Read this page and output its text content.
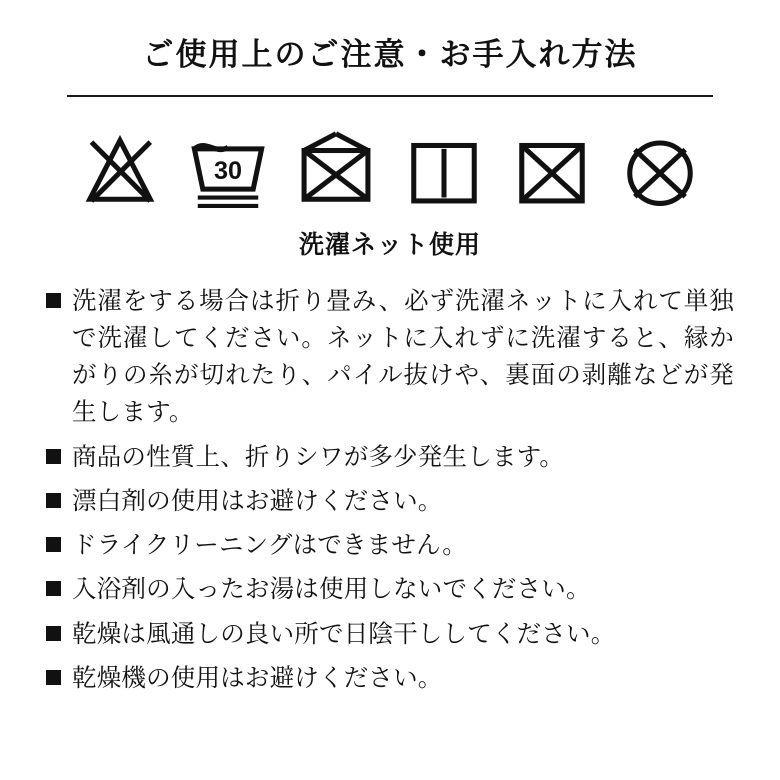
ご使用上のご注意・お手入れ方法
30
洗濯ネット使用
洗濯をする場合は折り畳み、必ず洗濯ネットに入れて単独で洗濯してください。ネットに入れずに洗濯すると、縁かがりの糸が切れたり、パイル抜けや、裏面の剥離などが発生します。
商品の性質上、折りシワが多少発生します。
漂白剤の使用はお避けください。
ドライクリーニングはできません。
入浴剤の入ったお湯は使用しないでください。
乾燥は風通しの良い所で日陰干ししてください。
乾燥機の使用はお避けください。
